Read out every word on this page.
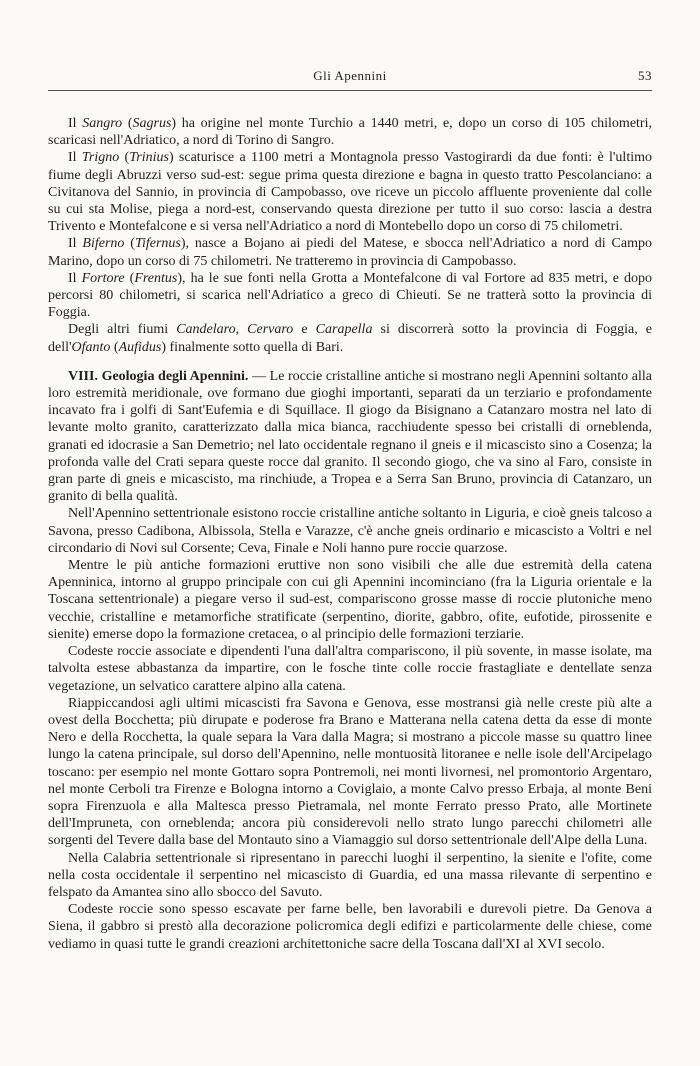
Gli Apennini	53

Il Sangro (Sagrus) ha origine nel monte Turchio a 1440 metri, e, dopo un corso di 105 chilometri, scaricasi nell'Adriatico, a nord di Torino di Sangro.

Il Trigno (Trinius) scaturisce a 1100 metri a Montagnola presso Vastogirardi da due fonti: è l'ultimo fiume degli Abruzzi verso sud-est: segue prima questa direzione e bagna in questo tratto Pescolanciano: a Civitanova del Sannio, in provincia di Campobasso, ove riceve un piccolo affluente proveniente dal colle su cui sta Molise, piega a nord-est, conservando questa direzione per tutto il suo corso: lascia a destra Trivento e Montefalcone e si versa nell'Adriatico a nord di Montebello dopo un corso di 75 chilometri.

Il Biferno (Tifernus), nasce a Bojano ai piedi del Matese, e sbocca nell'Adriatico a nord di Campo Marino, dopo un corso di 75 chilometri. Ne tratteremo in provincia di Campobasso.

Il Fortore (Frentus), ha le sue fonti nella Grotta a Montefalcone di val Fortore ad 835 metri, e dopo percorsi 80 chilometri, si scarica nell'Adriatico a greco di Chieuti. Se ne tratterà sotto la provincia di Foggia.

Degli altri fiumi Candelaro, Cervaro e Carapella si discorrerà sotto la provincia di Foggia, e dell'Ofanto (Aufidus) finalmente sotto quella di Bari.

VIII. Geologia degli Apennini. — Le roccie cristalline antiche si mostrano negli Apennini soltanto alla loro estremità meridionale, ove formano due gioghi importanti, separati da un terziario e profondamente incavato fra i golfi di Sant'Eufemia e di Squillace. Il giogo da Bisignano a Catanzaro mostra nel lato di levante molto granito, caratterizzato dalla mica bianca, racchiudente spesso bei cristalli di orneblenda, granati ed idocrasie a San Demetrio; nel lato occidentale regnano il gneis e il micascisto sino a Cosenza; la profonda valle del Crati separa queste rocce dal granito. Il secondo giogo, che va sino al Faro, consiste in gran parte di gneis e micascisto, ma rinchiude, a Tropea e a Serra San Bruno, provincia di Catanzaro, un granito di bella qualità.

Nell'Apennino settentrionale esistono roccie cristalline antiche soltanto in Liguria, e cioè gneis talcoso a Savona, presso Cadibona, Albissola, Stella e Varazze, c'è anche gneis ordinario e micascisto a Voltri e nel circondario di Novi sul Corsente; Ceva, Finale e Noli hanno pure roccie quarzose.

Mentre le più antiche formazioni eruttive non sono visibili che alle due estremità della catena Apenninica, intorno al gruppo principale con cui gli Apennini incominciano (fra la Liguria orientale e la Toscana settentrionale) a piegare verso il sud-est, compariscono grosse masse di roccie plutoniche meno vecchie, cristalline e metamorfiche stratificate (serpentino, diorite, gabbro, ofite, eufotide, pirossenite e sienite) emerse dopo la formazione cretacea, o al principio delle formazioni terziarie.

Codeste roccie associate e dipendenti l'una dall'altra compariscono, il più sovente, in masse isolate, ma talvolta estese abbastanza da impartire, con le fosche tinte colle roccie frastagliate e dentellate senza vegetazione, un selvatico carattere alpino alla catena.

Riappiccandosi agli ultimi micascisti fra Savona e Genova, esse mostransi già nelle creste più alte a ovest della Bocchetta; più dirupate e poderose fra Brano e Matterana nella catena detta da esse di monte Nero e della Rocchetta, la quale separa la Vara dalla Magra; si mostrano a piccole masse su quattro linee lungo la catena principale, sul dorso dell'Apennino, nelle montuosità litoranee e nelle isole dell'Arcipelago toscano: per esempio nel monte Gottaro sopra Pontremoli, nei monti livornesi, nel promontorio Argentaro, nel monte Cerboli tra Firenze e Bologna intorno a Coviglaio, a monte Calvo presso Erbaja, al monte Beni sopra Firenzuola e alla Maltesca presso Pietramala, nel monte Ferrato presso Prato, alle Mortinete dell'Impruneta, con orneblenda; ancora più considerevoli nello strato lungo parecchi chilometri alle sorgenti del Tevere dalla base del Montauto sino a Viamaggio sul dorso settentrionale dell'Alpe della Luna.

Nella Calabria settentrionale si ripresentano in parecchi luoghi il serpentino, la sienite e l'ofite, come nella costa occidentale il serpentino nel micascisto di Guardia, ed una massa rilevante di serpentino e felspato da Amantea sino allo sbocco del Savuto.

Codeste roccie sono spesso escavate per farne belle, ben lavorabili e durevoli pietre. Da Genova a Siena, il gabbro si prestò alla decorazione policromica degli edifizi e particolarmente delle chiese, come vediamo in quasi tutte le grandi creazioni architettoniche sacre della Toscana dall'XI al XVI secolo.
